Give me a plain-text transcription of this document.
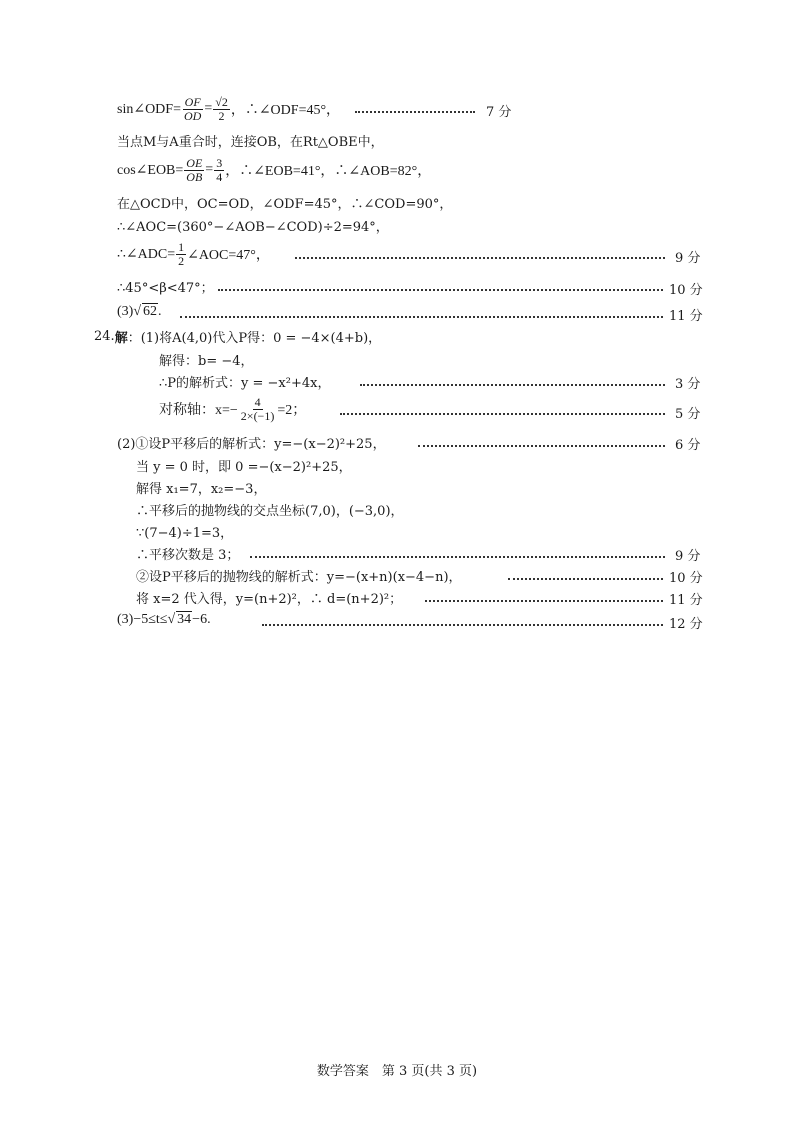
sin∠ODF= $\frac{OF}{OD} = \frac{√2}{2}$ ，∴∠ODF=45°，	7 分
当点M与A重合时，连接OB，在Rt△OBE中，
cos∠EOB= $\frac{OE}{OB} = \frac{3}{4}$ ，∴∠EOB=41°，∴∠AOB=82°，
在△OCD中，OC=OD，∠ODF=45°，∴∠COD=90°，
∴∠AOC=(360°−∠AOB−∠COD)÷2=94°，
∴∠ADC= $\frac{1}{2}$ ∠AOC=47°，	9 分
∴45°<β<47°；	10 分
(3) √ 62 .	11 分
24. 解 ：(1)将A(4,0)代入P得：0 = −4×(4+b)，
解得：b= −4，
∴P的解析式：y = −x²+4x，	3 分
对称轴：$x=- \frac{4}{2\times(-1)} =2$；	5 分
(2)①设P平移后的解析式：y=−(x−2)²+25，	6 分
当 y = 0 时，即 0 =−(x−2)²+25，
解得 x₁=7，x₂=−3，
∴平移后的抛物线的交点坐标(7,0)，(−3,0)，
∵(7−4)÷1=3，
∴平移次数是 3；	9 分
②设P平移后的抛物线的解析式：y=−(x+n)(x−4−n)，	10 分
将 x=2 代入得，y=(n+2)²，∴ d=(n+2)²；	11 分
(3)−5≤t≤ √ 34 −6.	12 分
数学答案　第 3 页(共 3 页)
